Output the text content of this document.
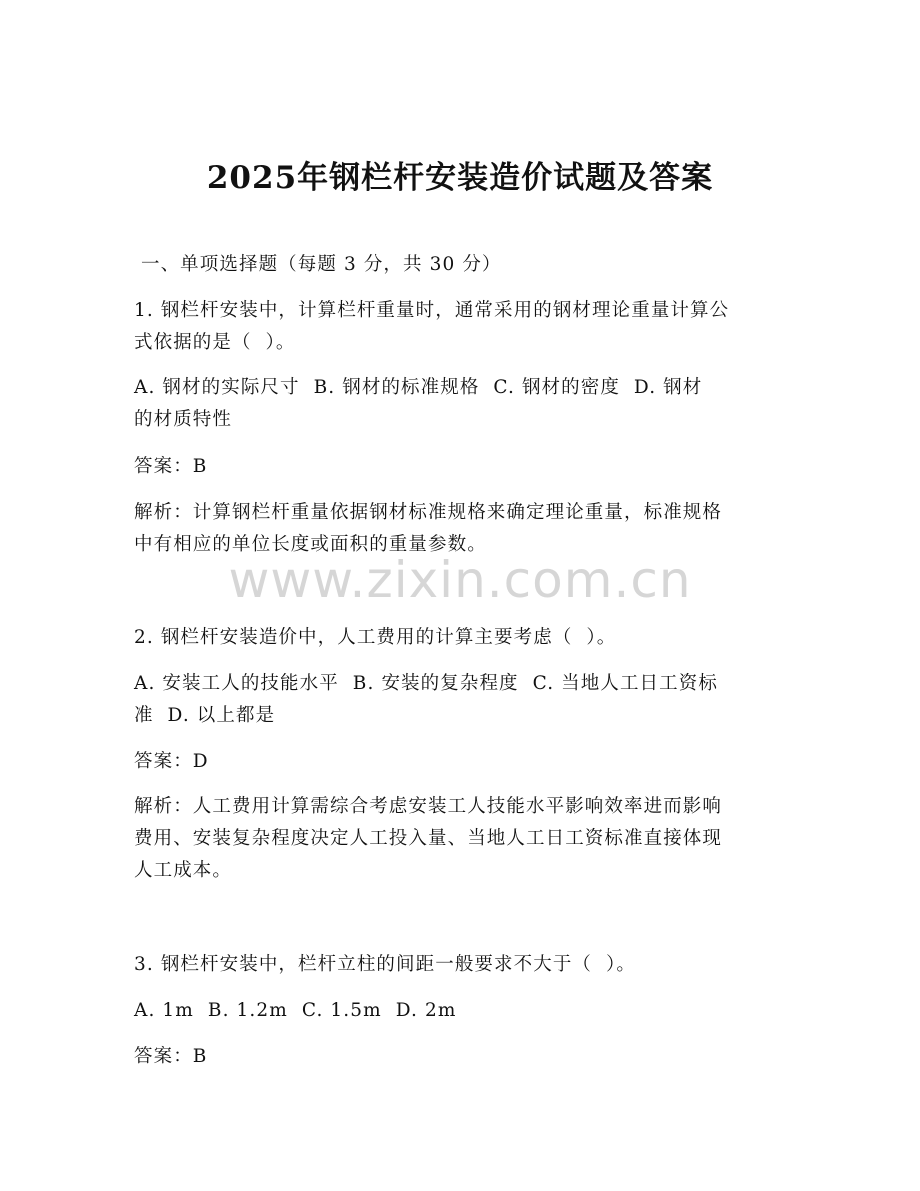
www.zixin.com.cn
2025年钢栏杆安装造价试题及答案

一、单项选择题（每题 3 分，共 30 分）

1. 钢栏杆安装中，计算栏杆重量时，通常采用的钢材理论重量计算公

式依据的是（  ）。

A. 钢材的实际尺寸  B. 钢材的标准规格  C. 钢材的密度  D. 钢材

的材质特性

答案：B

解析：计算钢栏杆重量依据钢材标准规格来确定理论重量，标准规格

中有相应的单位长度或面积的重量参数。

2. 钢栏杆安装造价中，人工费用的计算主要考虑（  ）。

A. 安装工人的技能水平  B. 安装的复杂程度  C. 当地人工日工资标

准  D. 以上都是

答案：D

解析：人工费用计算需综合考虑安装工人技能水平影响效率进而影响

费用、安装复杂程度决定人工投入量、当地人工日工资标准直接体现

人工成本。

3. 钢栏杆安装中，栏杆立柱的间距一般要求不大于（  ）。

A. 1m  B. 1.2m  C. 1.5m  D. 2m

答案：B
